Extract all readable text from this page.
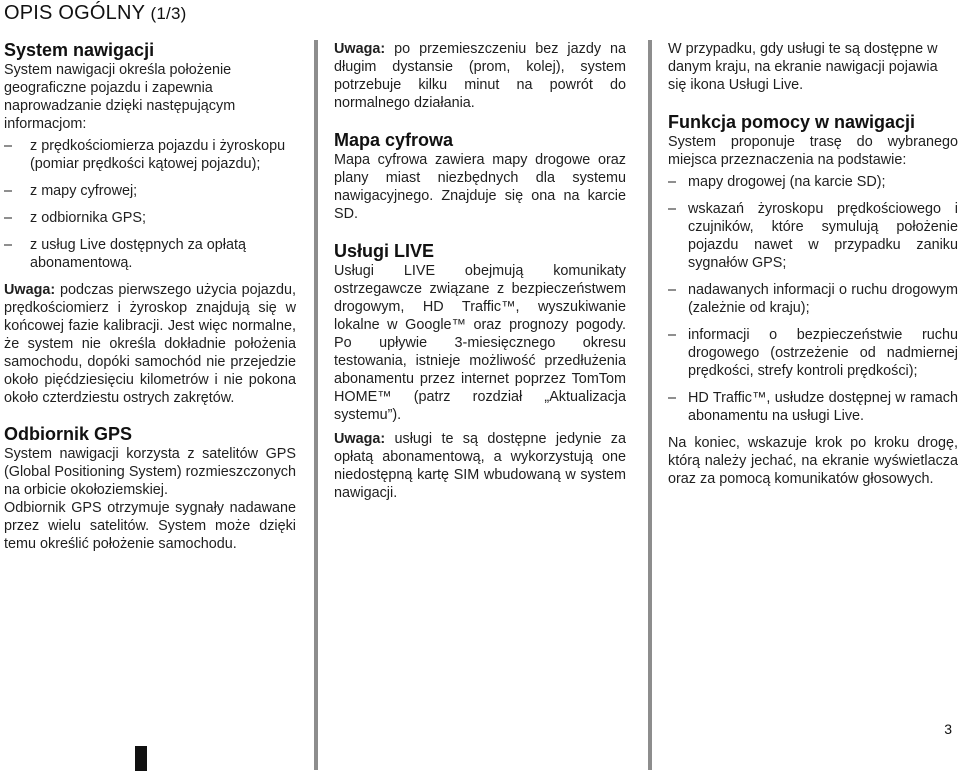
OPIS OGÓLNY (1/3)
System nawigacji

System nawigacji określa położenie geograficzne pojazdu i zapewnia naprowadzanie dzięki następującym informacjom:

– z prędkościomierza pojazdu i żyroskopu (pomiar prędkości kątowej pojazdu);
– z mapy cyfrowej;
– z odbiornika GPS;
– z usług Live dostępnych za opłatą abonamentową.

Uwaga: podczas pierwszego użycia pojazdu, prędkościomierz i żyroskop znajdują się w końcowej fazie kalibracji. Jest więc normalne, że system nie określa dokładnie położenia samochodu, dopóki samochód nie przejedzie około pięćdziesięciu kilometrów i nie pokona około czterdziestu ostrych zakrętów.

Odbiornik GPS

System nawigacji korzysta z satelitów GPS (Global Positioning System) rozmieszczonych na orbicie okołoziemskiej.

Odbiornik GPS otrzymuje sygnały nadawane przez wielu satelitów. System może dzięki temu określić położenie samochodu.

Uwaga: po przemieszczeniu bez jazdy na długim dystansie (prom, kolej), system potrzebuje kilku minut na powrót do normalnego działania.

Mapa cyfrowa

Mapa cyfrowa zawiera mapy drogowe oraz plany miast niezbędnych dla systemu nawigacyjnego. Znajduje się ona na karcie SD.

Usługi LIVE

Usługi LIVE obejmują komunikaty ostrzegawcze związane z bezpieczeństwem drogowym, HD Traffic™, wyszukiwanie lokalne w Google™ oraz prognozy pogody. Po upływie 3-miesięcznego okresu testowania, istnieje możliwość przedłużenia abonamentu przez internet poprzez TomTom HOME™ (patrz rozdział „Aktualizacja systemu”).

Uwaga: usługi te są dostępne jedynie za opłatą abonamentową, a wykorzystują one niedostępną kartę SIM wbudowaną w system nawigacji.

W przypadku, gdy usługi te są dostępne w danym kraju, na ekranie nawigacji pojawia się ikona Usługi Live.

Funkcja pomocy w nawigacji

System proponuje trasę do wybranego miejsca przeznaczenia na podstawie:

– mapy drogowej (na karcie SD);
– wskazań żyroskopu prędkościowego i czujników, które symulują położenie pojazdu nawet w przypadku zaniku sygnałów GPS;
– nadawanych informacji o ruchu drogowym (zależnie od kraju);
– informacji o bezpieczeństwie ruchu drogowego (ostrzeżenie od nadmiernej prędkości, strefy kontroli prędkości);
– HD Traffic™, usłudze dostępnej w ramach abonamentu na usługi Live.

Na koniec, wskazuje krok po kroku drogę, którą należy jechać, na ekranie wyświetlacza oraz za pomocą komunikatów głosowych.

3
